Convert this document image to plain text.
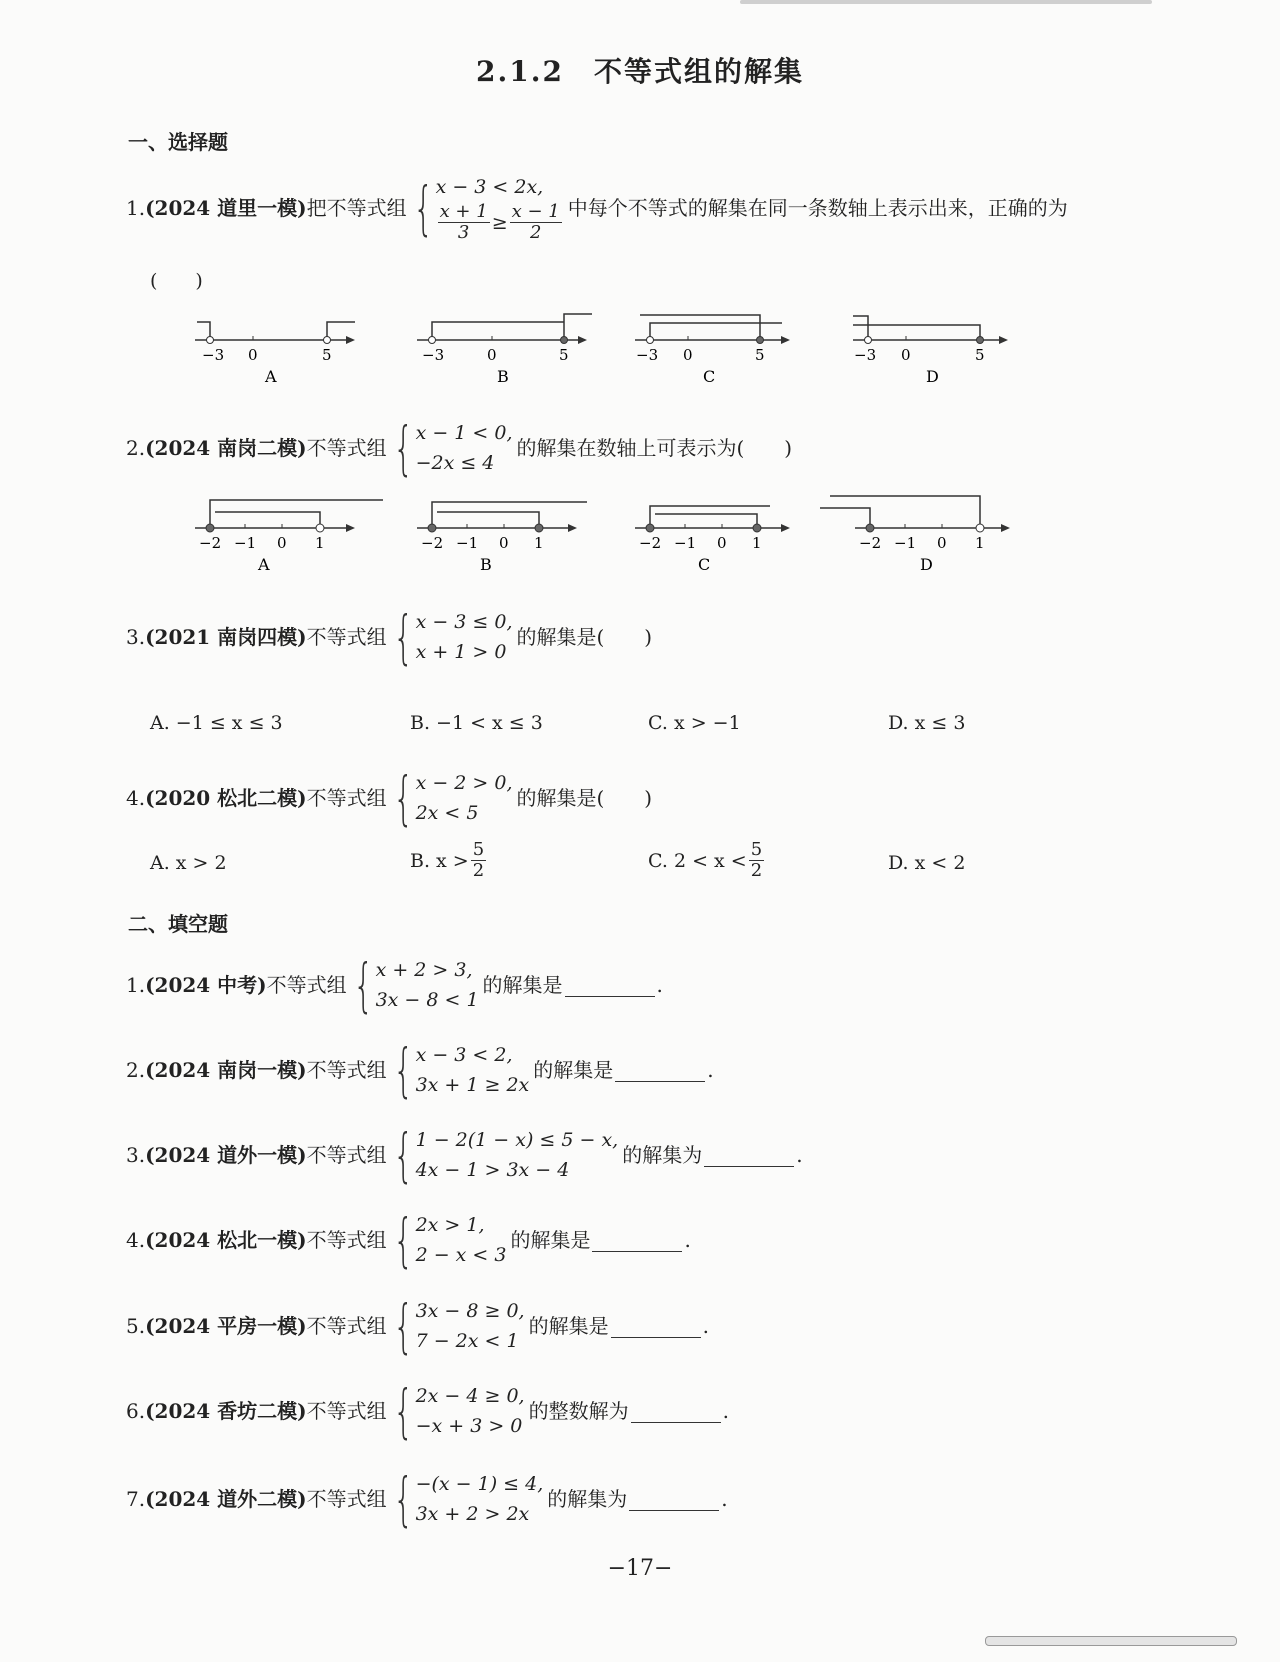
2.1.2　不等式组的解集
一、选择题
1. (2024 道里一模) 把不等式组 { x − 3 < 2x,
$\frac{x + 1}{3} \ge \frac{x - 1}{2}$ 中每个不等式的解集在同一条数轴上表示出来，正确的为
(　　)
−3 0	5
A
−3	0	5
B
−3 0	5
C
−3 0	5
D
2. (2024 南岗二模) 不等式组 { x − 1 < 0,
−2x ≤ 4
的解集在数轴上可表示为(　　)
−2 −1 0 1
A
−2 −1 0 1
B
−2 −1 0 1
C
−2 −1 0 1
D
3. (2021 南岗四模) 不等式组 { x − 3 ≤ 0,
x + 1 > 0
的解集是(　　)
A. −1 ≤ x ≤ 3	B. −1 < x ≤ 3	C. x > −1	D. x ≤ 3
4. (2020 松北二模) 不等式组 { x − 2 > 0,
2x < 5
的解集是(　　)
A. x > 2	B. $x > \frac{5}{2}$	C. $2 < x < \frac{5}{2}$	D. x < 2
二、填空题
1. (2024 中考) 不等式组 { x + 2 > 3,
3x − 8 < 1
的解集是	.
2. (2024 南岗一模) 不等式组 { x − 3 < 2,
3x + 1 ≥ 2x
的解集是	.
3. (2024 道外一模) 不等式组 { 1 − 2(1 − x) ≤ 5 − x,
4x − 1 > 3x − 4
的解集为	.
4. (2024 松北一模) 不等式组 { 2x > 1,
2 − x < 3
的解集是	.
5. (2024 平房一模) 不等式组 { 3x − 8 ≥ 0,
7 − 2x < 1
的解集是	.
6. (2024 香坊二模) 不等式组 { 2x − 4 ≥ 0,
−x + 3 > 0
的整数解为	.
7. (2024 道外二模) 不等式组 { −(x − 1) ≤ 4,
3x + 2 > 2x
的解集为	.
−17−
